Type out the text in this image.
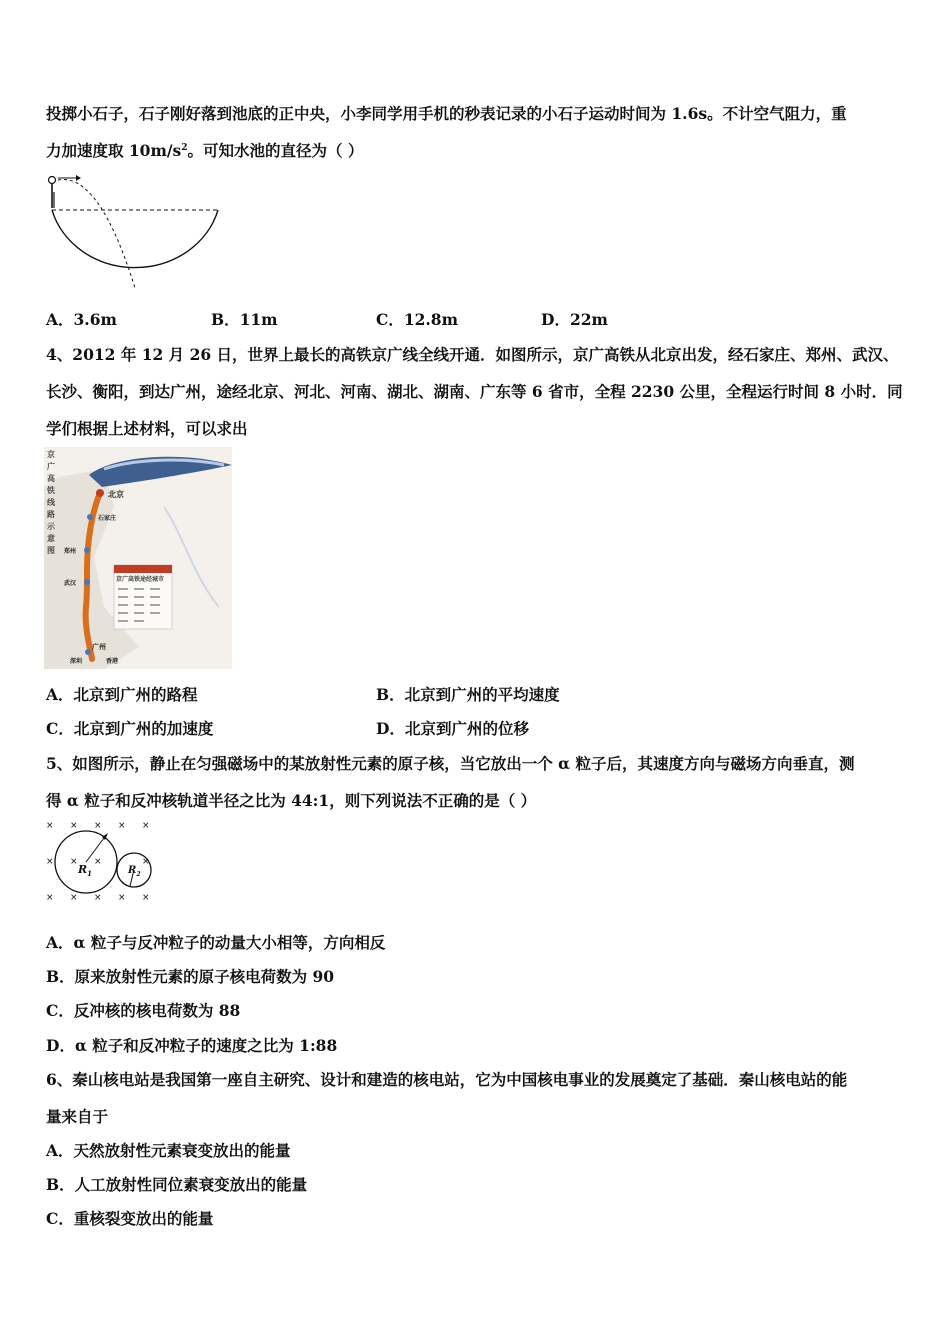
投掷小石子，石子刚好落到池底的正中央，小李同学用手机的秒表记录的小石子运动时间为 1.6s。不计空气阻力，重
力加速度取 $10m/s^2$。可知水池的直径为（ ）
A．3.6m	B．11m	C．12.8m	D．22m
4、2012 年 12 月 26 日，世界上最长的高铁京广线全线开通．如图所示，京广高铁从北京出发，经石家庄、郑州、武汉、
长沙、衡阳，到达广州，途经北京、河北、河南、湖北、湖南、广东等 6 省市，全程 2230 公里，全程运行时间 8 小时．同
学们根据上述材料，可以求出
京
广
高
铁
线
路
示
意
图
北京
石家庄
郑州
武汉
广州
深圳	香港
京广高铁途经城市
A．北京到广州的路程	B．北京到广州的平均速度
C．北京到广州的加速度	D．北京到广州的位移
5、如图所示，静止在匀强磁场中的某放射性元素的原子核，当它放出一个 α 粒子后，其速度方向与磁场方向垂直，测
得 α 粒子和反冲核轨道半径之比为 44:1，则下列说法不正确的是（ ）
× × × × ×
× × ×	×
× × × × ×
$R_1$	$R_2$
A．α 粒子与反冲粒子的动量大小相等，方向相反
B．原来放射性元素的原子核电荷数为 90
C．反冲核的核电荷数为 88
D．α 粒子和反冲粒子的速度之比为 1:88
6、秦山核电站是我国第一座自主研究、设计和建造的核电站，它为中国核电事业的发展奠定了基础．秦山核电站的能
量来自于
A．天然放射性元素衰变放出的能量
B．人工放射性同位素衰变放出的能量
C．重核裂变放出的能量
